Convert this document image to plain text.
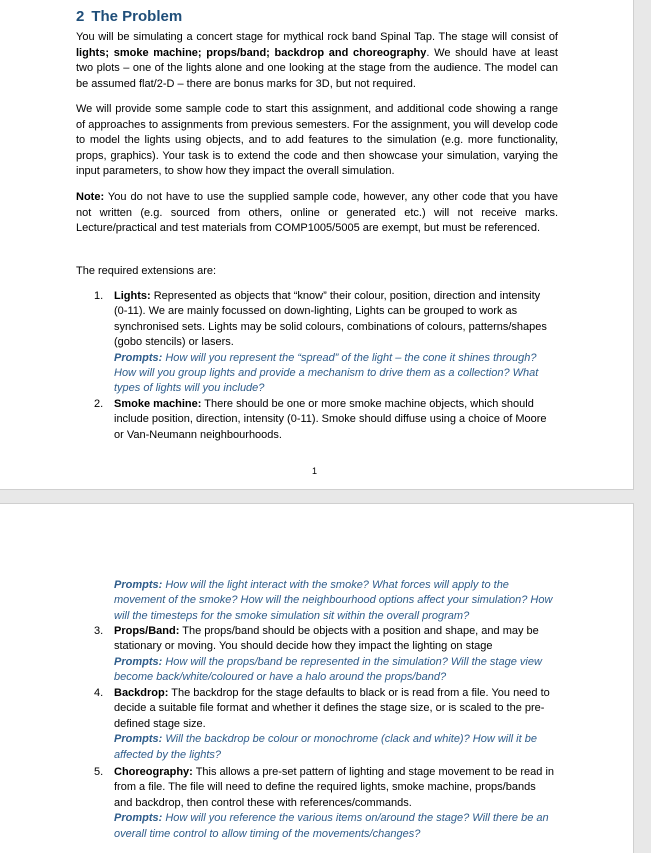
2 The Problem

You will be simulating a concert stage for mythical rock band Spinal Tap. The stage will consist of lights; smoke machine; props/band; backdrop and choreography. We should have at least two plots – one of the lights alone and one looking at the stage from the audience. The model can be assumed flat/2-D – there are bonus marks for 3D, but not required.

We will provide some sample code to start this assignment, and additional code showing a range of approaches to assignments from previous semesters. For the assignment, you will develop code to model the lights using objects, and to add features to the simulation (e.g. more functionality, props, graphics). Your task is to extend the code and then showcase your simulation, varying the input parameters, to show how they impact the overall simulation.

Note: You do not have to use the supplied sample code, however, any other code that you have not written (e.g. sourced from others, online or generated etc.) will not receive marks. Lecture/practical and test materials from COMP1005/5005 are exempt, but must be referenced.

The required extensions are:

1. Lights: Represented as objects that “know” their colour, position, direction and intensity (0-11). We are mainly focussed on down-lighting, Lights can be grouped to work as synchronised sets. Lights may be solid colours, combinations of colours, patterns/shapes (gobo stencils) or lasers.
Prompts: How will you represent the “spread” of the light – the cone it shines through? How will you group lights and provide a mechanism to drive them as a collection? What types of lights will you include?
2. Smoke machine: There should be one or more smoke machine objects, which should include position, direction, intensity (0-11). Smoke should diffuse using a choice of Moore or Van-Neumann neighbourhoods.
1
Prompts: How will the light interact with the smoke? What forces will apply to the movement of the smoke? How will the neighbourhood options affect your simulation? How will the timesteps for the smoke simulation sit within the overall program?
3. Props/Band: The props/band should be objects with a position and shape, and may be stationary or moving. You should decide how they impact the lighting on stage
Prompts: How will the props/band be represented in the simulation? Will the stage view become back/white/coloured or have a halo around the props/band?
4. Backdrop: The backdrop for the stage defaults to black or is read from a file. You need to decide a suitable file format and whether it defines the stage size, or is scaled to the pre-defined stage size.
Prompts: Will the backdrop be colour or monochrome (clack and white)? How will it be affected by the lights?
5. Choreography: This allows a pre-set pattern of lighting and stage movement to be read in from a file. The file will need to define the required lights, smoke machine, props/bands and backdrop, then control these with references/commands.
Prompts: How will you reference the various items on/around the stage? Will there be an overall time control to allow timing of the movements/changes?
